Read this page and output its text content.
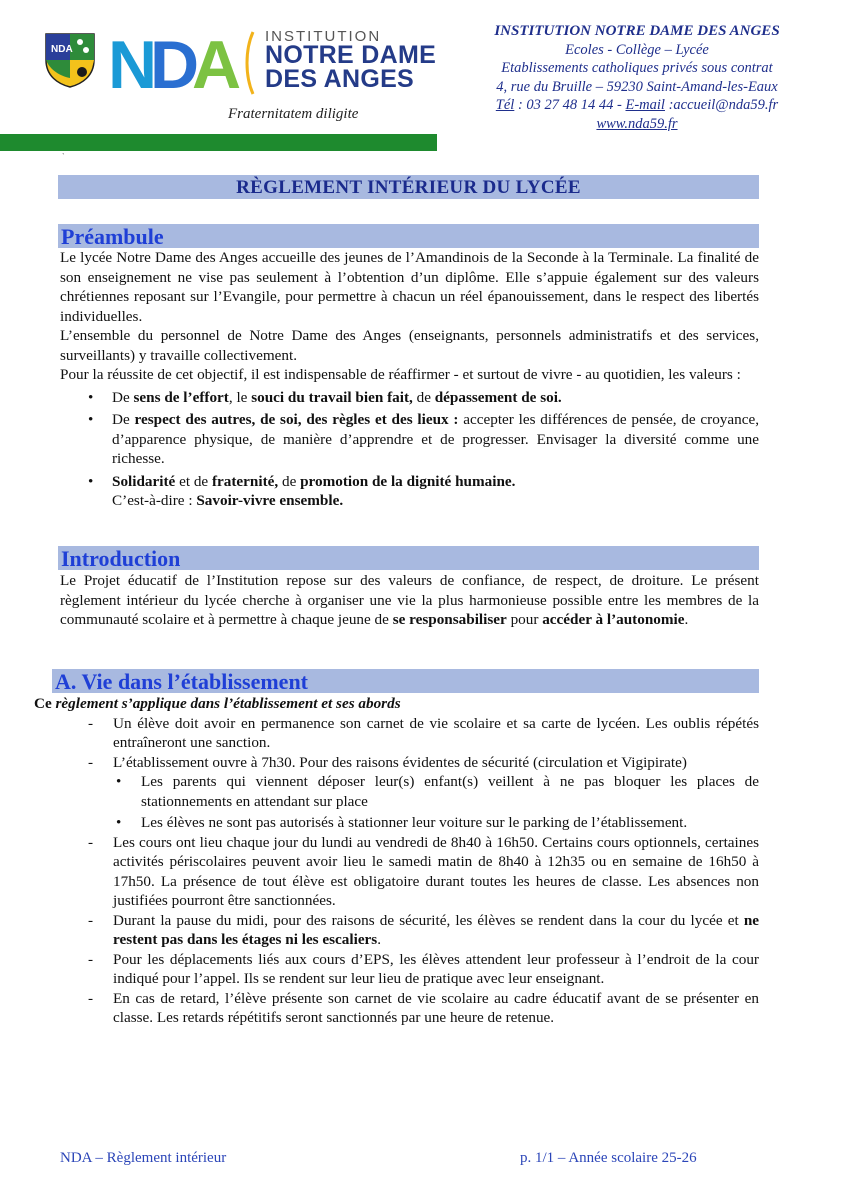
NDA N
D
A INSTITUTION
NOTRE DAME
DES ANGES
Fraternitatem diligite
`
INSTITUTION NOTRE DAME DES ANGES
Ecoles - Collège – Lycée
Etablissements catholiques privés sous contrat
4, rue du Bruille – 59230 Saint-Amand-les-Eaux
Tél : 03 27 48 14 44 - E-mail :accueil@nda59.fr
www.nda59.fr
RÈGLEMENT INTÉRIEUR DU LYCÉE
Préambule

Le lycée Notre Dame des Anges accueille des jeunes de l’Amandinois de la Seconde à la Terminale. La finalité de son enseignement ne vise pas seulement à l’obtention d’un diplôme. Elle s’appuie également sur des valeurs chrétiennes reposant sur l’Evangile, pour permettre à chacun un réel épanouissement, dans le respect des libertés individuelles.

L’ensemble du personnel de Notre Dame des Anges (enseignants, personnels administratifs et des services, surveillants) y travaille collectivement.

Pour la réussite de cet objectif, il est indispensable de réaffirmer - et surtout de vivre - au quotidien, les valeurs :

• De sens de l’effort, le souci du travail bien fait, de dépassement de soi.
• De respect des autres, de soi, des règles et des lieux : accepter les différences de pensée, de croyance, d’apparence physique, de manière d’apprendre et de progresser. Envisager la diversité comme une richesse.
• Solidarité et de fraternité, de promotion de la dignité humaine.
C’est-à-dire : Savoir-vivre ensemble.
Introduction

Le Projet éducatif de l’Institution repose sur des valeurs de confiance, de respect, de droiture. Le présent règlement intérieur du lycée cherche à organiser une vie la plus harmonieuse possible entre les membres de la communauté scolaire et à permettre à chaque jeune de se responsabiliser pour accéder à l’autonomie.

A. Vie dans l’établissement
Ce règlement s’applique dans l’établissement et ses abords
- Un élève doit avoir en permanence son carnet de vie scolaire et sa carte de lycéen. Les oublis répétés entraîneront une sanction.
- L’établissement ouvre à 7h30. Pour des raisons évidentes de sécurité (circulation et Vigipirate)
• Les parents qui viennent déposer leur(s) enfant(s) veillent à ne pas bloquer les places de stationnements en attendant sur place
• Les élèves ne sont pas autorisés à stationner leur voiture sur le parking de l’établissement.
- Les cours ont lieu chaque jour du lundi au vendredi de 8h40 à 16h50. Certains cours optionnels, certaines activités périscolaires peuvent avoir lieu le samedi matin de 8h40 à 12h35 ou en semaine de 16h50 à 17h50. La présence de tout élève est obligatoire durant toutes les heures de classe. Les absences non justifiées pourront être sanctionnées.
- Durant la pause du midi, pour des raisons de sécurité, les élèves se rendent dans la cour du lycée et ne restent pas dans les étages ni les escaliers.
- Pour les déplacements liés aux cours d’EPS, les élèves attendent leur professeur à l’endroit de la cour indiqué pour l’appel. Ils se rendent sur leur lieu de pratique avec leur enseignant.
- En cas de retard, l’élève présente son carnet de vie scolaire au cadre éducatif avant de se présenter en classe. Les retards répétitifs seront sanctionnés par une heure de retenue.
NDA – Règlement intérieur	p. 1/1 – Année scolaire 25-26
